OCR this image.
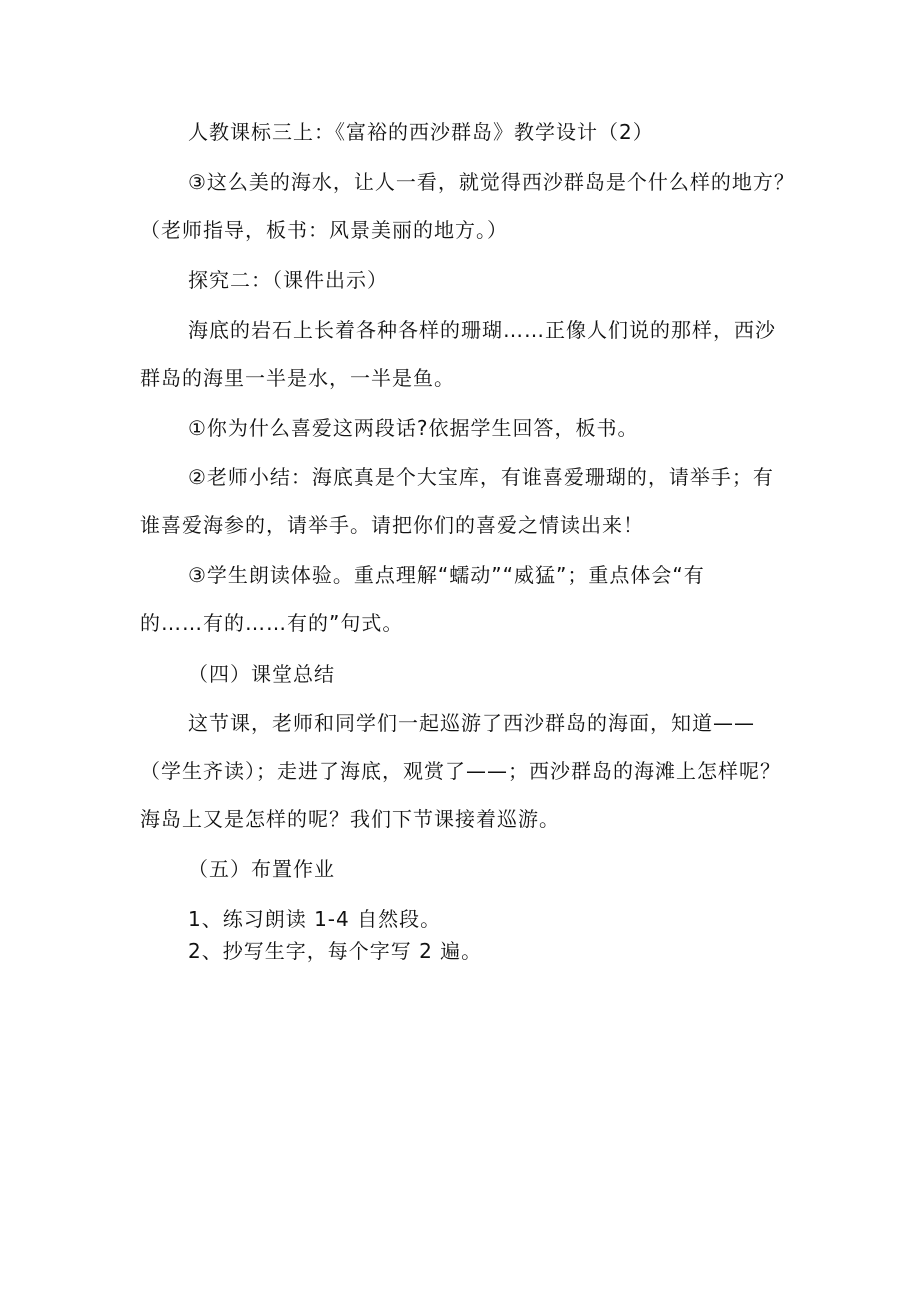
人教课标三上：《富裕的西沙群岛》教学设计（2）
③这么美的海水，让人一看，就觉得西沙群岛是个什么样的地方？
（老师指导，板书：风景美丽的地方。）
探究二：（课件出示）
海底的岩石上长着各种各样的珊瑚……正像人们说的那样，西沙
群岛的海里一半是水，一半是鱼。
①你为什么喜爱这两段话?依据学生回答，板书。
②老师小结：海底真是个大宝库，有谁喜爱珊瑚的，请举手；有
谁喜爱海参的，请举手。请把你们的喜爱之情读出来！
③学生朗读体验。重点理解“蠕动”“威猛”；重点体会“有
的……有的……有的”句式。
（四）课堂总结
这节课，老师和同学们一起巡游了西沙群岛的海面，知道——
（学生齐读）；走进了海底，观赏了——；西沙群岛的海滩上怎样呢？
海岛上又是怎样的呢？我们下节课接着巡游。
（五）布置作业
1、练习朗读 1-4 自然段。
2、抄写生字，每个字写 2 遍。
